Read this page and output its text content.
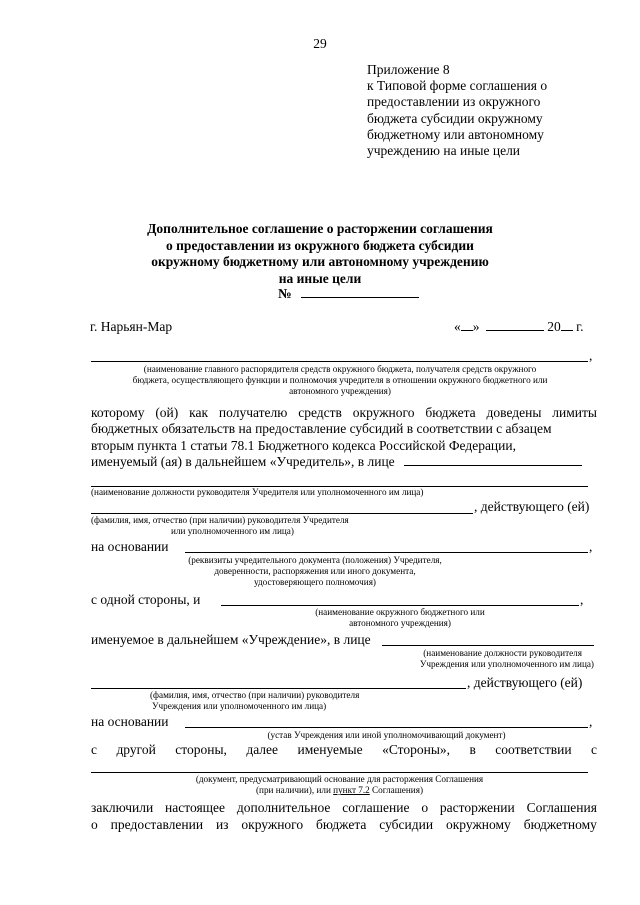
29
Приложение 8
к Типовой форме соглашения о
предоставлении из окружного
бюджета субсидии окружному
бюджетному или автономному
учреждению на иные цели
Дополнительное соглашение о расторжении соглашения
о предоставлении из окружного бюджета субсидии
окружному бюджетному или автономному учреждению
на иные цели
№
г. Нарьян-Мар	« »	20 г.
,
(наименование главного распорядителя средств окружного бюджета, получателя средств окружного
бюджета, осуществляющего функции и полномочия учредителя в отношении окружного бюджетного или
автономного учреждения)
которому (ой) как получателю средств окружного бюджета доведены лимиты
бюджетных обязательств на предоставление субсидий в соответствии с абзацем
вторым пункта 1 статьи 78.1 Бюджетного кодекса Российской Федерации,
именуемый (ая) в дальнейшем «Учредитель», в лице
(наименование должности руководителя Учредителя или уполномоченного им лица)
, действующего (ей)
(фамилия, имя, отчество (при наличии) руководителя Учредителя
или уполномоченного им лица)
на основании	,
(реквизиты учредительного документа (положения) Учредителя,
доверенности, распоряжения или иного документа,
удостоверяющего полномочия)
с одной стороны, и	,
(наименование окружного бюджетного или
автономного учреждения)
именуемое в дальнейшем «Учреждение», в лице
(наименование должности руководителя
Учреждения или уполномоченного им лица)
, действующего (ей)
(фамилия, имя, отчество (при наличии) руководителя
Учреждения или уполномоченного им лица)
на основании	,
(устав Учреждения или иной уполномочивающий документ)
с другой стороны, далее именуемые «Стороны», в соответствии с
(документ, предусматривающий основание для расторжения Соглашения
(при наличии), или пункт 7.2 Соглашения)
заключили настоящее дополнительное соглашение о расторжении Соглашения
о предоставлении из окружного бюджета субсидии окружному бюджетному
